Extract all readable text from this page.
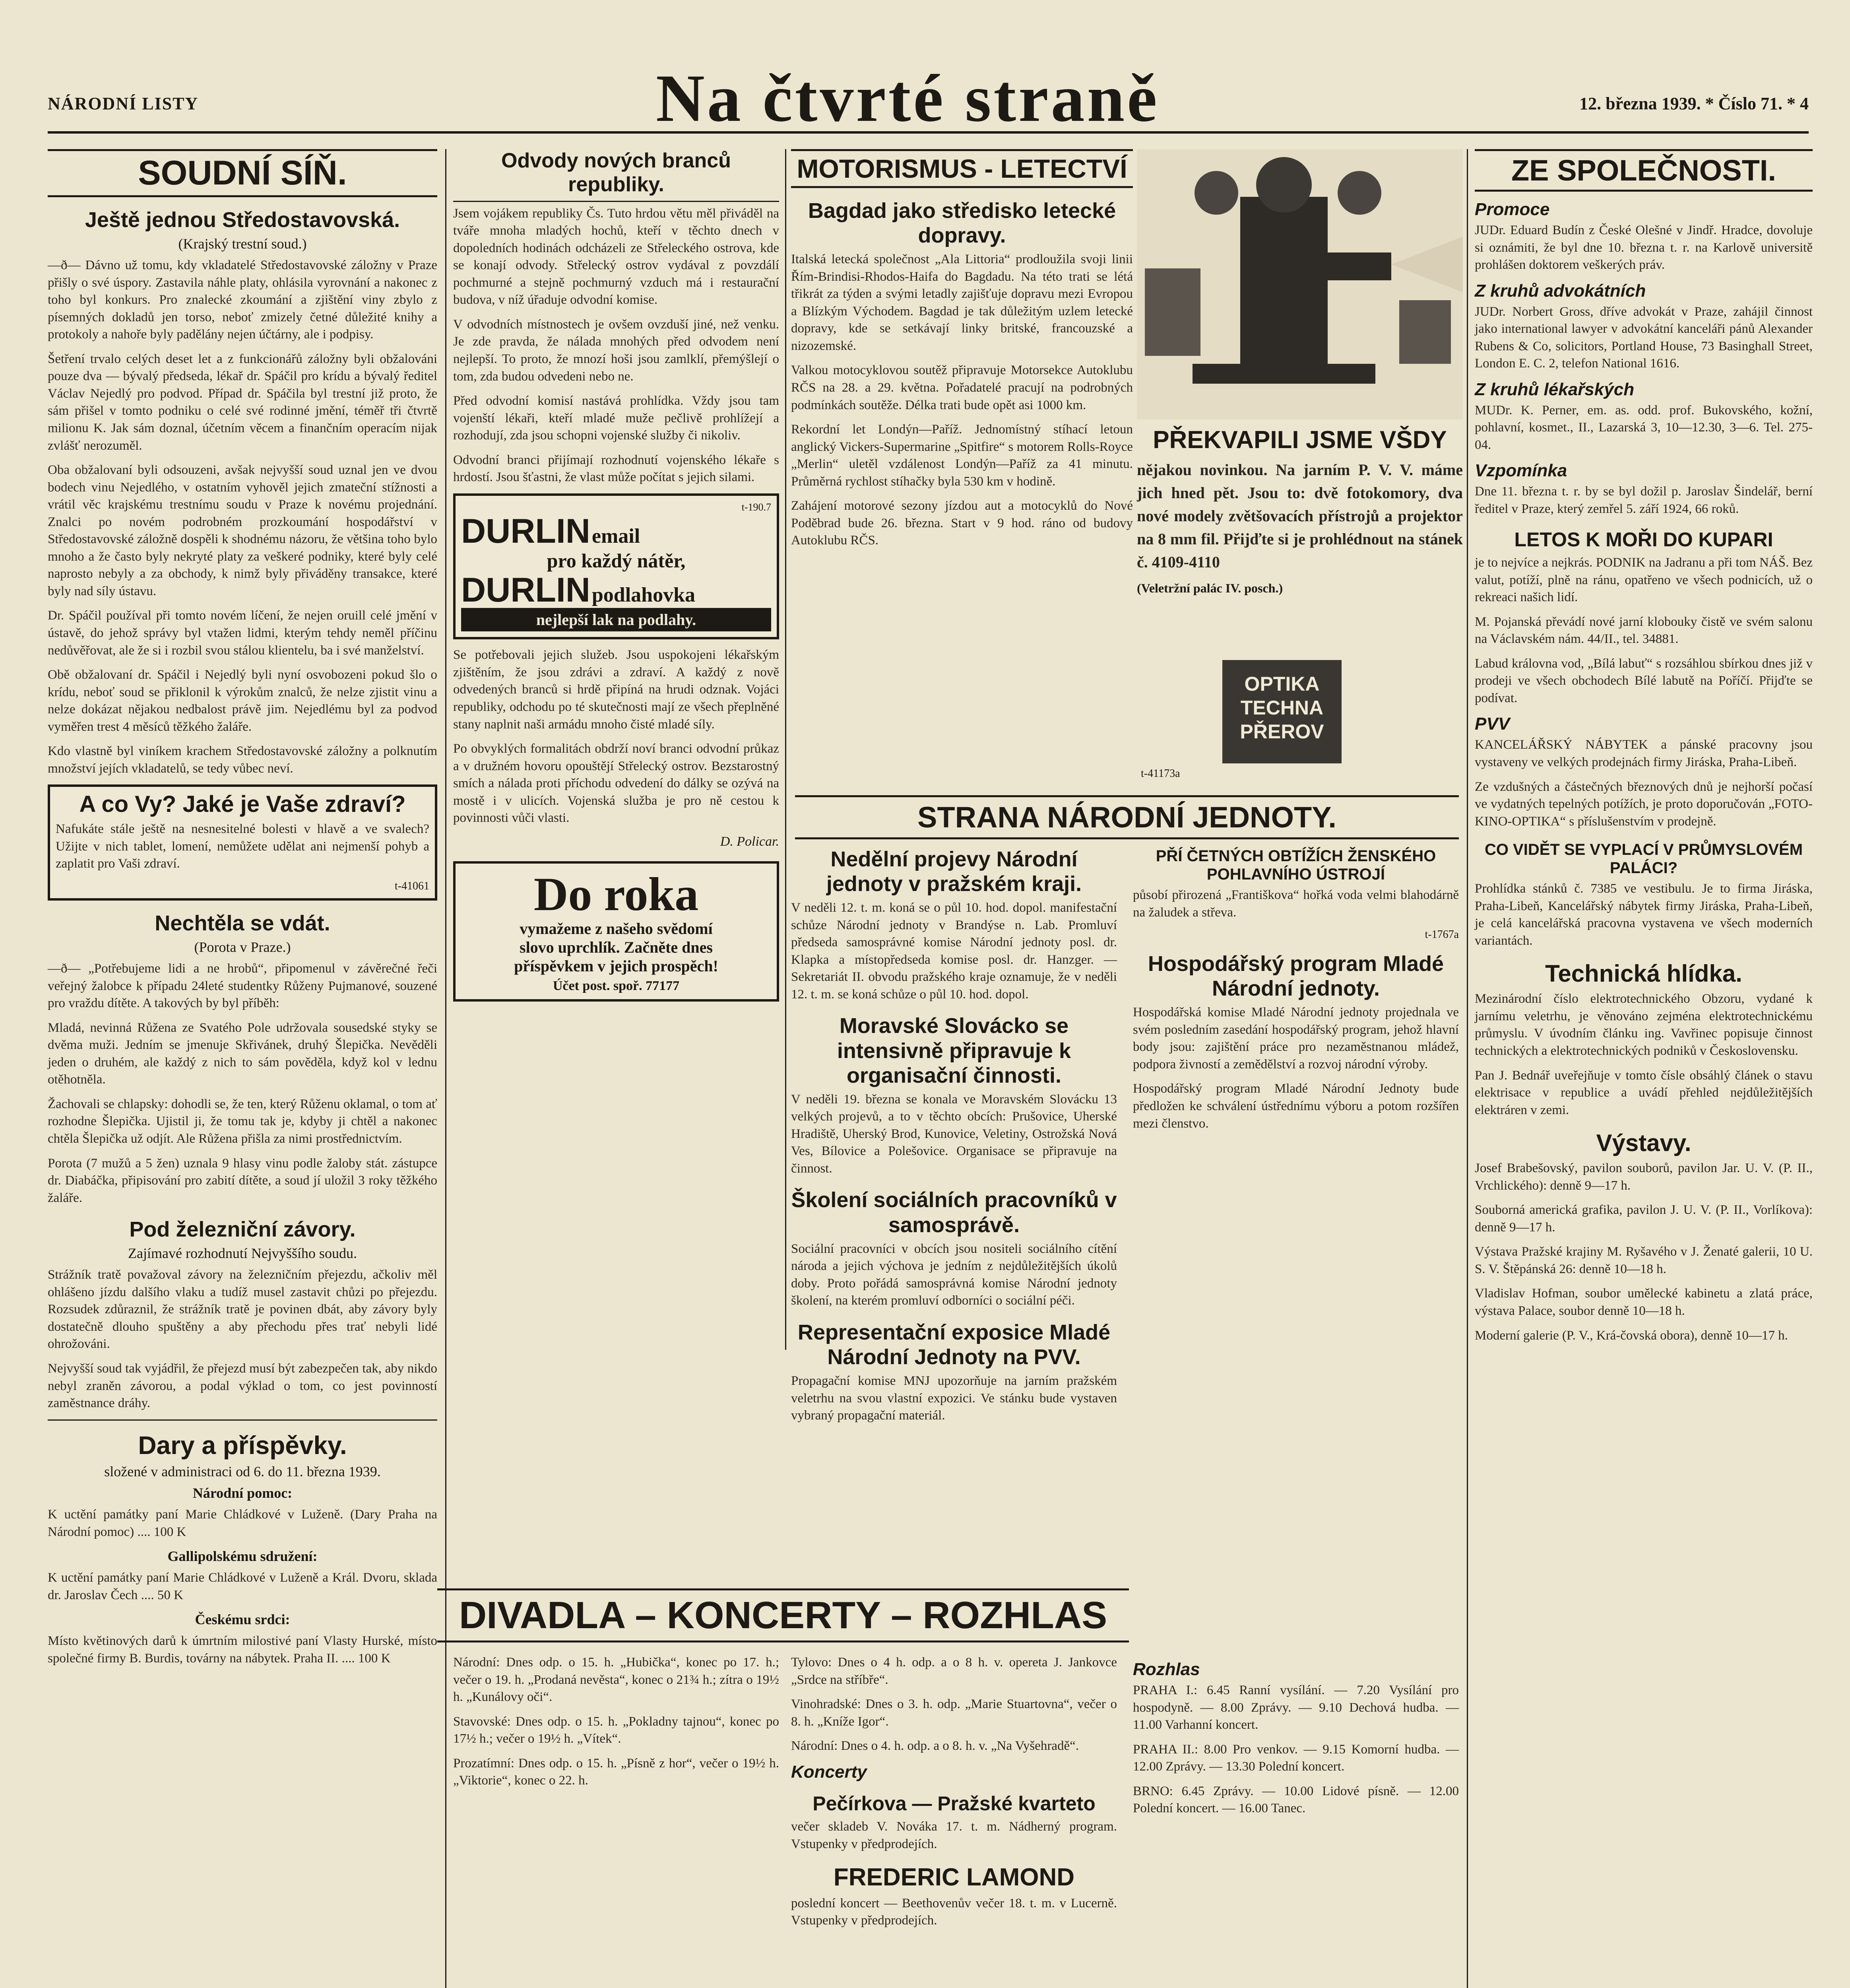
NÁRODNÍ LISTY	Na čtvrté straně	12. března 1939. * Číslo 71. * 4
SOUDNÍ SÍŇ.
Ještě jednou Středostavovská.
(Krajský trestní soud.)

—ð— Dávno už tomu, kdy vkladatelé Středostavovské záložny v Praze přišly o své úspory. Zastavila náhle platy, ohlásila vyrovnání a nakonec z toho byl konkurs. Pro znalecké zkoumání a zjištění viny zbylo z písemných dokladů jen torso, neboť zmizely četné důležité knihy a protokoly a nahoře byly padělány nejen účtárny, ale i podpisy.

Šetření trvalo celých deset let a z funkcionářů záložny byli obžalováni pouze dva — bývalý předseda, lékař dr. Spáčil pro krídu a bývalý ředitel Václav Nejedlý pro podvod. Případ dr. Spáčila byl trestní již proto, že sám přišel v tomto podniku o celé své rodinné jmění, téměř tři čtvrtě milionu K. Jak sám doznal, účetním věcem a finančním operacím nijak zvlášť nerozuměl.

Oba obžalovaní byli odsouzeni, avšak nejvyšší soud uznal jen ve dvou bodech vinu Nejedlého, v ostatním vyhověl jejich zmateční stížnosti a vrátil věc krajskému trestnímu soudu v Praze k novému projednání. Znalci po novém podrobném prozkoumání hospodářství v Středostavovské záložně dospěli k shodnému názoru, že většina toho bylo mnoho a že často byly nekryté platy za veškeré podniky, které byly celé naprosto nebyly a za obchody, k nimž byly přiváděny transakce, které byly nad síly ústavu.

Dr. Spáčil používal při tomto novém líčení, že nejen oruill celé jmění v ústavě, do jehož správy byl vtažen lidmi, kterým tehdy neměl příčinu nedůvěřovat, ale že si i rozbil svou stálou klientelu, ba i své manželství.

Obě obžalovaní dr. Spáčil i Nejedlý byli nyní osvobozeni pokud šlo o krídu, neboť soud se přiklonil k výrokům znalců, že nelze zjistit vinu a nelze dokázat nějakou nedbalost právě jim. Nejedlému byl za podvod vyměřen trest 4 měsíců těžkého žaláře.

Kdo vlastně byl viníkem krachem Středostavovské záložny a polknutím množství jejích vkladatelů, se tedy vůbec neví.

A co Vy? Jaké je Vaše zdraví?

Nafukáte stále ještě na nesnesitelné bolesti v hlavě a ve svalech? Užijte v nich tablet, lomení, nemůžete udělat ani nejmenší pohyb a zaplatit pro Vaši zdraví.

t-41061
Nechtěla se vdát.
(Porota v Praze.)

—ð— „Potřebujeme lidi a ne hrobů“, připomenul v závěrečné řeči veřejný žalobce k případu 24leté studentky Růženy Pujmanové, souzené pro vraždu dítěte. A takových by byl příběh:

Mladá, nevinná Růžena ze Svatého Pole udržovala sousedské styky se dvěma muži. Jedním se jmenuje Skřivánek, druhý Šlepička. Nevěděli jeden o druhém, ale každý z nich to sám pověděla, když kol v lednu otěhotněla.

Žachovali se chlapsky: dohodli se, že ten, který Růženu oklamal, o tom ať rozhodne Šlepička. Ujistil ji, že tomu tak je, kdyby ji chtěl a nakonec chtěla Šlepička už odjít. Ale Růžena přišla za nimi prostřednictvím.

Porota (7 mužů a 5 žen) uznala 9 hlasy vinu podle žaloby stát. zástupce dr. Diabáčka, připisování pro zabití dítěte, a soud jí uložil 3 roky těžkého žaláře.

Pod železniční závory.
Zajímavé rozhodnutí Nejvyššího soudu.

Strážník tratě považoval závory na železničním přejezdu, ačkoliv měl ohlášeno jízdu dalšího vlaku a tudíž musel zastavit chůzi po přejezdu. Rozsudek zdůraznil, že strážník tratě je povinen dbát, aby závory byly dostatečně dlouho spuštěny a aby přechodu přes trať nebyli lidé ohrožováni.

Nejvyšší soud tak vyjádřil, že přejezd musí být zabezpečen tak, aby nikdo nebyl zraněn závorou, a podal výklad o tom, co jest povinností zaměstnance dráhy.

Dary a příspěvky.
složené v administraci od 6. do 11. března 1939.
Národní pomoc:

K uctění památky paní Marie Chládkové v Luženě. (Dary Praha na Národní pomoc) .... 100 K

Gallipolskému sdružení:

K uctění památky paní Marie Chládkové v Luženě a Král. Dvoru, sklada dr. Jaroslav Čech .... 50 K

Českému srdci:

Místo květinových darů k úmrtním milostivé paní Vlasty Hurské, místo společné firmy B. Burdis, továrny na nábytek. Praha II. .... 100 K

Odvody nových branců republiky.

Jsem vojákem republiky Čs. Tuto hrdou větu měl přiváděl na tváře mnoha mladých hochů, kteří v těchto dnech v dopoledních hodinách odcházeli ze Střeleckého ostrova, kde se konají odvody. Střelecký ostrov vydával z povzdálí pochmurné a stejně pochmurný vzduch má i restaurační budova, v níž úřaduje odvodní komise.

V odvodních místnostech je ovšem ovzduší jiné, než venku. Je zde pravda, že nálada mnohých před odvodem není nejlepší. To proto, že mnozí hoši jsou zamlklí, přemýšlejí o tom, zda budou odvedeni nebo ne.

Před odvodní komisí nastává prohlídka. Vždy jsou tam vojenští lékaři, kteří mladé muže pečlivě prohlížejí a rozhodují, zda jsou schopni vojenské služby či nikoliv.

Odvodní branci přijímají rozhodnutí vojenského lékaře s hrdostí. Jsou šťastni, že vlast může počítat s jejich silami.

t-190.7
DURLIN email
pro každý nátěr,
DURLIN podlahovka
nejlepší lak na podlahy.

Se potřebovali jejich služeb. Jsou uspokojeni lékařským zjištěním, že jsou zdrávi a zdraví. A každý z nově odvedených branců si hrdě připíná na hrudi odznak. Vojáci republiky, odchodu po té skutečnosti mají ze všech přeplněné stany naplnit naši armádu mnoho čisté mladé síly.

Po obvyklých formalitách obdrží noví branci odvodní průkaz a v družném hovoru opouštějí Střelecký ostrov. Bezstarostný smích a nálada proti příchodu odvedení do dálky se ozývá na mostě i v ulicích. Vojenská služba je pro ně cestou k povinnosti vůči vlasti.

D. Policar.
Do roka
vymažeme z našeho svědomí
slovo uprchlík. Začněte dnes
příspěvkem v jejich prospěch!
Účet post. spoř. 77177
MOTORISMUS - LETECTVÍ
Bagdad jako středisko letecké dopravy.

Italská letecká společnost „Ala Littoria“ prodloužila svoji linii Řím-Brindisi-Rhodos-Haifa do Bagdadu. Na této trati se létá třikrát za týden a svými letadly zajišťuje dopravu mezi Evropou a Blízkým Východem. Bagdad je tak důležitým uzlem letecké dopravy, kde se setkávají linky britské, francouzské a nizozemské.

Valkou motocyklovou soutěž připravuje Motorsekce Autoklubu RČS na 28. a 29. května. Pořadatelé pracují na podrobných podmínkách soutěže. Délka trati bude opět asi 1000 km.

Rekordní let Londýn—Paříž. Jednomístný stíhací letoun anglický Vickers-Supermarine „Spitfire“ s motorem Rolls-Royce „Merlin“ uletěl vzdálenost Londýn—Paříž za 41 minutu. Průměrná rychlost stíhačky byla 530 km v hodině.

Zahájení motorové sezony jízdou aut a motocyklů do Nové Poděbrad bude 26. března. Start v 9 hod. ráno od budovy Autoklubu RČS.

PŘEKVAPILI JSME VŠDY

nějakou novinkou. Na jarním P. V. V. máme jich hned pět. Jsou to: dvě fotokomory, dva nové modely zvětšovacích přístrojů a projektor na 8 mm fil. Přijďte si je prohlédnout na stánek č. 4109-4110

(Veletržní palác IV. posch.)
OPTIKA
TECHNA
PŘEROV
t-41173a
STRANA NÁRODNÍ JEDNOTY.
Nedělní projevy Národní jednoty v pražském kraji.

V neděli 12. t. m. koná se o půl 10. hod. dopol. manifestační schůze Národní jednoty v Brandýse n. Lab. Promluví předseda samosprávné komise Národní jednoty posl. dr. Klapka a místopředseda komise posl. dr. Hanzger. — Sekretariát II. obvodu pražského kraje oznamuje, že v neděli 12. t. m. se koná schůze o půl 10. hod. dopol.

Moravské Slovácko se intensivně připravuje k organisační činnosti.

V neděli 19. března se konala ve Moravském Slovácku 13 velkých projevů, a to v těchto obcích: Prušovice, Uherské Hradiště, Uherský Brod, Kunovice, Veletiny, Ostrožská Nová Ves, Bílovice a Polešovice. Organisace se připravuje na činnost.

Školení sociálních pracovníků v samosprávě.

Sociální pracovníci v obcích jsou nositeli sociálního cítění národa a jejich výchova je jedním z nejdůležitějších úkolů doby. Proto pořádá samosprávná komise Národní jednoty školení, na kterém promluví odborníci o sociální péči.

Representační exposice Mladé Národní Jednoty na PVV.

Propagační komise MNJ upozorňuje na jarním pražském veletrhu na svou vlastní expozici. Ve stánku bude vystaven vybraný propagační materiál.

PŘÍ ČETNÝCH OBTÍŽÍCH ŽENSKÉHO POHLAVNÍHO ÚSTROJÍ

působí přirozená „Františkova“ hořká voda velmi blahodárně na žaludek a střeva.

t-1767a
Hospodářský program Mladé Národní jednoty.

Hospodářská komise Mladé Národní jednoty projednala ve svém posledním zasedání hospodářský program, jehož hlavní body jsou: zajištění práce pro nezaměstnanou mládež, podpora živností a zemědělství a rozvoj národní výroby.

Hospodářský program Mladé Národní Jednoty bude předložen ke schválení ústřednímu výboru a potom rozšířen mezi členstvo.

DIVADLA – KONCERTY – ROZHLAS

Národní: Dnes odp. o 15. h. „Hubička“, konec po 17. h.; večer o 19. h. „Prodaná nevěsta“, konec o 21¾ h.; zítra o 19½ h. „Kunálovy oči“.

Stavovské: Dnes odp. o 15. h. „Pokladny tajnou“, konec po 17½ h.; večer o 19½ h. „Vítek“.

Prozatímní: Dnes odp. o 15. h. „Písně z hor“, večer o 19½ h. „Viktorie“, konec o 22. h.

Tylovo: Dnes o 4 h. odp. a o 8 h. v. opereta J. Jankovce „Srdce na stříbře“.

Vinohradské: Dnes o 3. h. odp. „Marie Stuartovna“, večer o 8. h. „Kníže Igor“.

Národní: Dnes o 4. h. odp. a o 8. h. v. „Na Vyšehradě“.

Koncerty
Pečírkova — Pražské kvarteto

večer skladeb V. Nováka 17. t. m. Nádherný program. Vstupenky v předprodejích.

FREDERIC LAMOND

poslední koncert — Beethovenův večer 18. t. m. v Lucerně. Vstupenky v předprodejích.

Rozhlas

PRAHA I.: 6.45 Ranní vysílání. — 7.20 Vysílání pro hospodyně. — 8.00 Zprávy. — 9.10 Dechová hudba. — 11.00 Varhanní koncert.

PRAHA II.: 8.00 Pro venkov. — 9.15 Komorní hudba. — 12.00 Zprávy. — 13.30 Polední koncert.

BRNO: 6.45 Zprávy. — 10.00 Lidové písně. — 12.00 Polední koncert. — 16.00 Tanec.

ZE SPOLEČNOSTI.
Promoce

JUDr. Eduard Budín z České Olešné v Jindř. Hradce, dovoluje si oznámiti, že byl dne 10. března t. r. na Karlově universitě prohlášen doktorem veškerých práv.

Z kruhů advokátních

JUDr. Norbert Gross, dříve advokát v Praze, zahájil činnost jako international lawyer v advokátní kanceláři pánů Alexander Rubens & Co, solicitors, Portland House, 73 Basinghall Street, London E. C. 2, telefon National 1616.

Z kruhů lékařských

MUDr. K. Perner, em. as. odd. prof. Bukovského, kožní, pohlavní, kosmet., II., Lazarská 3, 10—12.30, 3—6. Tel. 275-04.

Vzpomínka

Dne 11. března t. r. by se byl dožil p. Jaroslav Šindelář, berní ředitel v Praze, který zemřel 5. září 1924, 66 roků.

LETOS K MOŘI DO KUPARI

je to nejvíce a nejkrás. PODNIK na Jadranu a při tom NÁŠ. Bez valut, potíží, plně na ránu, opatřeno ve všech podnicích, už o rekreaci našich lidí.

M. Pojanská převádí nové jarní klobouky čistě ve svém salonu na Václavském nám. 44/II., tel. 34881.

Labud královna vod, „Bílá labuť“ s rozsáhlou sbírkou dnes již v prodeji ve všech obchodech Bílé labutě na Poříčí. Přijďte se podívat.

PVV

KANCELÁŘSKÝ NÁBYTEK a pánské pracovny jsou vystaveny ve velkých prodejnách firmy Jiráska, Praha-Libeň.

Ze vzdušných a částečných březnových dnů je nejhorší počasí ve vydatných tepelných potížích, je proto doporučován „FOTO-KINO-OPTIKA“ s příslušenstvím v prodejně.

CO VIDĚT SE VYPLACÍ V PRŮMYSLOVÉM PALÁCI?

Prohlídka stánků č. 7385 ve vestibulu. Je to firma Jiráska, Praha-Libeň, Kancelářský nábytek firmy Jiráska, Praha-Libeň, je celá kancelářská pracovna vystavena ve všech moderních variantách.

Technická hlídka.

Mezinárodní číslo elektrotechnického Obzoru, vydané k jarnímu veletrhu, je věnováno zejména elektrotechnickému průmyslu. V úvodním článku ing. Vavřinec popisuje činnost technických a elektrotechnických podniků v Československu.

Pan J. Bednář uveřejňuje v tomto čísle obsáhlý článek o stavu elektrisace v republice a uvádí přehled nejdůležitějších elektráren v zemi.

Výstavy.

Josef Brabešovský, pavilon souborů, pavilon Jar. U. V. (P. II., Vrchlického): denně 9—17 h.

Souborná americká grafika, pavilon J. U. V. (P. II., Vorlíkova): denně 9—17 h.

Výstava Pražské krajiny M. Ryšavého v J. Ženaté galerii, 10 U. S. V. Štěpánská 26: denně 10—18 h.

Vladislav Hofman, soubor umělecké kabinetu a zlatá práce, výstava Palace, soubor denně 10—18 h.

Moderní galerie (P. V., Krá-čovská obora), denně 10—17 h.
